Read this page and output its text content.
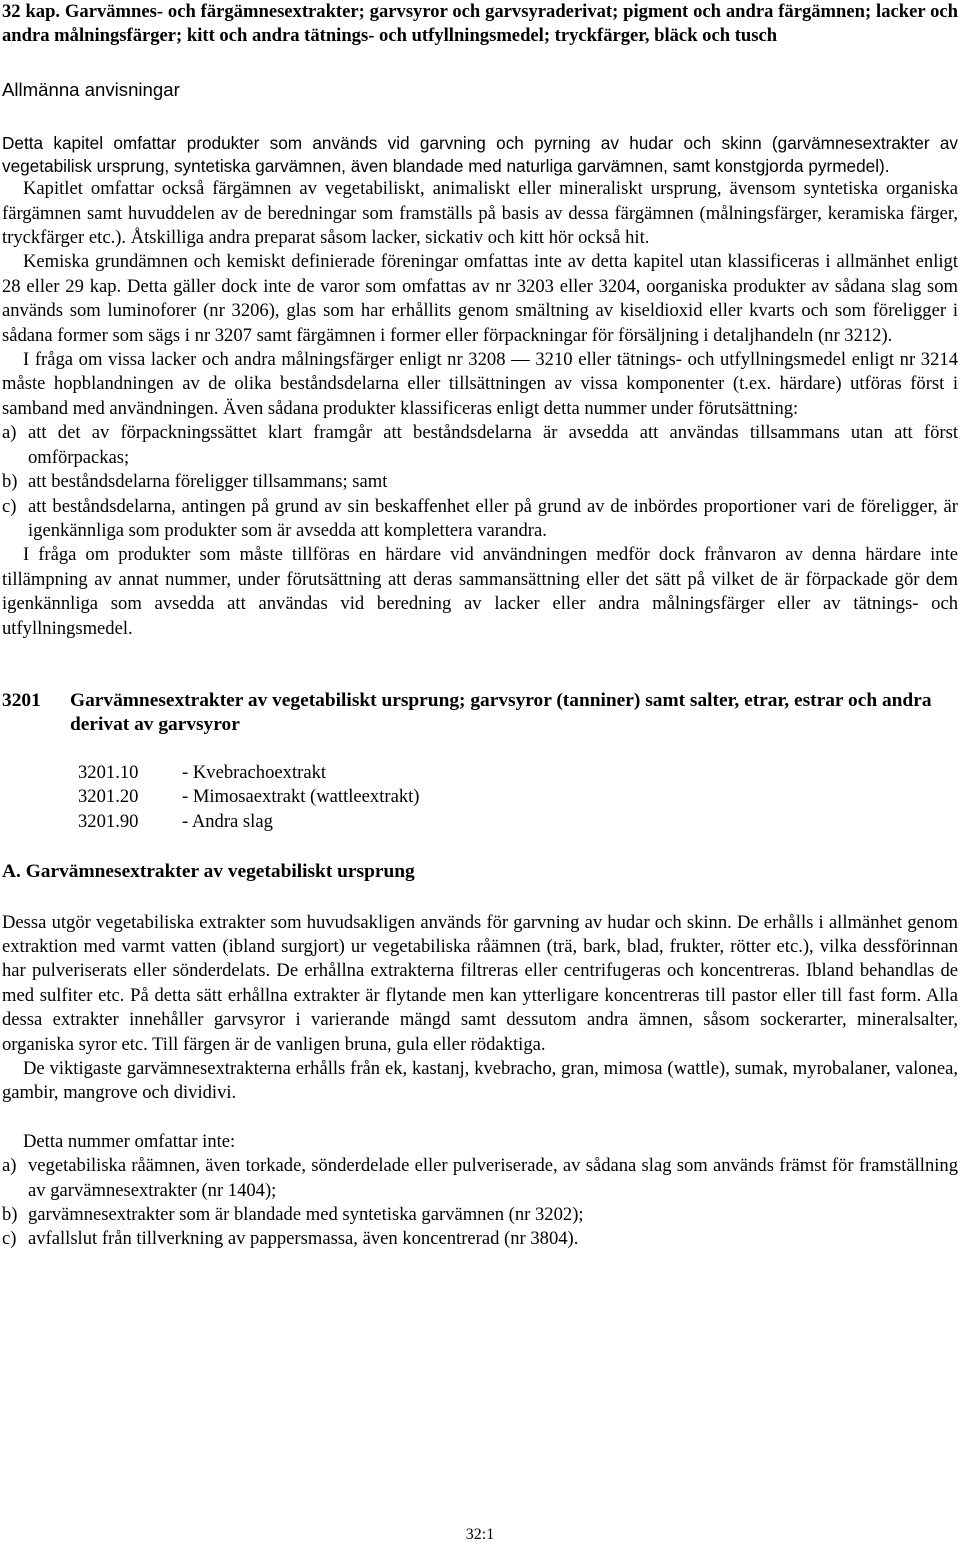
32 kap. Garvämnes- och färgämnesextrakter; garvsyror och garvsyraderivat; pigment och andra färgämnen; lacker och andra målningsfärger; kitt och andra tätnings- och utfyllningsmedel; tryckfärger, bläck och tusch
Allmänna anvisningar

Detta kapitel omfattar produkter som används vid garvning och pyrning av hudar och skinn (garvämnesextrakter av vegetabilisk ursprung, syntetiska garvämnen, även blandade med naturliga garvämnen, samt konstgjorda pyrmedel).

Kapitlet omfattar också färgämnen av vegetabiliskt, animaliskt eller mineraliskt ursprung, ävensom syntetiska organiska färgämnen samt huvuddelen av de beredningar som framställs på basis av dessa färgämnen (målningsfärger, keramiska färger, tryckfärger etc.). Åtskilliga andra preparat såsom lacker, sickativ och kitt hör också hit.

Kemiska grundämnen och kemiskt definierade föreningar omfattas inte av detta kapitel utan klassificeras i allmänhet enligt 28 eller 29 kap. Detta gäller dock inte de varor som omfattas av nr 3203 eller 3204, oorganiska produkter av sådana slag som används som luminoforer (nr 3206), glas som har erhållits genom smältning av kiseldioxid eller kvarts och som föreligger i sådana former som sägs i nr 3207 samt färgämnen i former eller förpackningar för försäljning i detaljhandeln (nr 3212).

I fråga om vissa lacker och andra målningsfärger enligt nr 3208 — 3210 eller tätnings- och utfyllningsmedel enligt nr 3214 måste hopblandningen av de olika beståndsdelarna eller tillsättningen av vissa komponenter (t.ex. härdare) utföras först i samband med användningen. Även sådana produkter klassificeras enligt detta nummer under förutsättning:

a) att det av förpackningssättet klart framgår att beståndsdelarna är avsedda att användas tillsammans utan att först omförpackas;
b) att beståndsdelarna föreligger tillsammans; samt
c) att beståndsdelarna, antingen på grund av sin beskaffenhet eller på grund av de inbördes proportioner vari de föreligger, är igenkännliga som produkter som är avsedda att komplettera varandra.

I fråga om produkter som måste tillföras en härdare vid användningen medför dock frånvaron av denna härdare inte tillämpning av annat nummer, under förutsättning att deras sammansättning eller det sätt på vilket de är förpackade gör dem igenkännliga som avsedda att användas vid beredning av lacker eller andra målningsfärger eller av tätnings- och utfyllningsmedel.

3201	Garvämnesextrakter av vegetabiliskt ursprung; garvsyror (tanniner) samt salter, etrar, estrar och andra derivat av garvsyror
3201.10	- Kvebrachoextrakt
3201.20	- Mimosaextrakt (wattleextrakt)
3201.90	- Andra slag
A. Garvämnesextrakter av vegetabiliskt ursprung

Dessa utgör vegetabiliska extrakter som huvudsakligen används för garvning av hudar och skinn. De erhålls i allmänhet genom extraktion med varmt vatten (ibland surgjort) ur vegetabiliska råämnen (trä, bark, blad, frukter, rötter etc.), vilka dessförinnan har pulveriserats eller sönderdelats. De erhållna extrakterna filtreras eller centrifugeras och koncentreras. Ibland behandlas de med sulfiter etc. På detta sätt erhållna extrakter är flytande men kan ytterligare koncentreras till pastor eller till fast form. Alla dessa extrakter innehåller garvsyror i varierande mängd samt dessutom andra ämnen, såsom sockerarter, mineralsalter, organiska syror etc. Till färgen är de vanligen bruna, gula eller rödaktiga.

De viktigaste garvämnesextrakterna erhålls från ek, kastanj, kvebracho, gran, mimosa (wattle), sumak, myrobalaner, valonea, gambir, mangrove och dividivi.

Detta nummer omfattar inte:

a) vegetabiliska råämnen, även torkade, sönderdelade eller pulveriserade, av sådana slag som används främst för framställning av garvämnesextrakter (nr 1404);
b) garvämnesextrakter som är blandade med syntetiska garvämnen (nr 3202);
c) avfallslut från tillverkning av pappersmassa, även koncentrerad (nr 3804).
32:1
